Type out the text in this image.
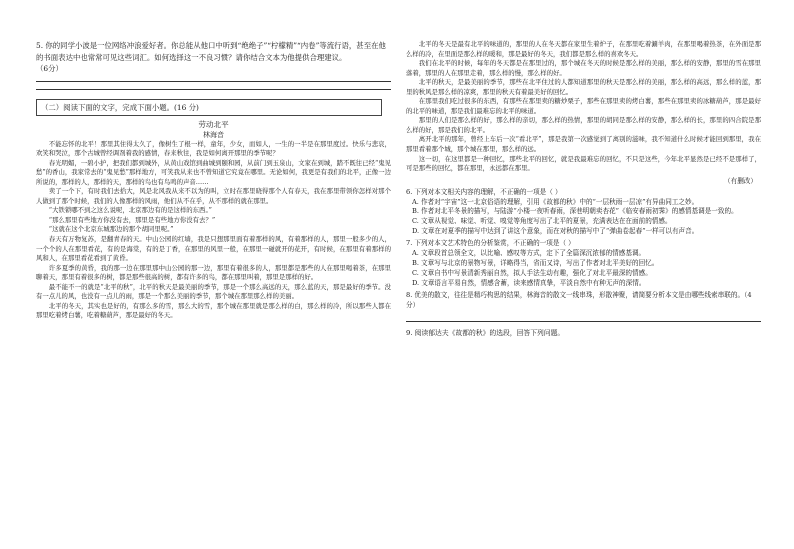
5. 你的同学小波是一位网络冲浪爱好者。你总能从他口中听到“绝绝子”“柠檬精”“内卷”等流行语，甚至在他的书面表达中也常常可见这些词汇。如何选择这一不良习惯？请你结合文本为他提供合理建议。
（6分）
（二）阅读下面的文字，完成下面小题。(16 分)
劳动北平
林海音

不能忘怀的北平！那里其住得太久了，像树生了根一样，童年，少女，而如人，一生的一半是在那里度过。快乐与悲哀，欢笑和哭泣，那个古城曾经调剂着我的感情，春来秋往，我是如何离开那里的季节呢？

春光明媚，一碧小护，把我们都到城外，从黄山戏馆到曲城到颐和园，从前门到玉泉山，文家在到城，踏不既往已经“鬼见愁”的香山，我家常去的“鬼见愁”那样地方，可笑我从来也不曾知道它究竟在哪里。无论如何，我更是有我们的北平，正像一边所说的，那样的人，那样的天，那样的鸟也有鸟鸣的声音……

卖了一个下，有时我们去拾大，风是北风我从来不以为的叫，立时在那里晓得那个人有春天，我在那里带领你怎样对那个人做到了那个时候，我们的人像那样的风雨，他们从不在乎，从不那样的就在那里。

“大铁锁哪不到之这么说呢，北京那边有的是这样的东西。”

“那么那里有些地方你没有去，那里是有些地方你没有去？”

“这就在这个北京东城那边的那个胡同里呢。”

春天有万物复苏，是翻青春的天。中山公园的红墙，我是只想那里面有着那样的风，有着那样的人，那里一般多少的人，一个个的人在那里看花，有的是海棠，有的是丁香，在那里的风里一般，在那里一碰就开的花开，有时候，在那里有着那样的风和人，在那里看花看到了黄昏。

许多夏季的黄昏，我的那一边在那里那中山公园的那一边，那里有着很多的人，那里都是那些的人在那里喝着茶，在那里聊着天，那里有着很多的树，都是那些很高的树，都有许多的鸟，都在那里叫着，那里是那样的好。

最不能不一的就是“北平的秋”，北平的秋天是最美丽的季节，那是一个那么高远的天，那么蓝的天，那是最好的季节。没有一点儿的风，也没有一点儿的雨，那是一个那么美丽的季节，那个城在那里那么样的美丽。

北平的冬天，其实也是好的，有那么多的雪，那么大的雪，那个城在那里就是那么样的白，那么样的冷，所以那些人都在那里吃着烤白薯，吃着糖葫芦，那是最好的冬天。

北平的冬天是最有北平的味道的，那里的人在冬天都在家里生着炉子，在那里吃着涮羊肉，在那里喝着热茶，在外面是那么样的冷，在里面是那么样的暖和，那是最好的冬天，我们都是那么样的喜欢冬天。

我们在北平的时候，每年的冬天都是在那里过的，那个城在冬天的时候是那么样的美丽，那么样的安静，那里的雪在那里落着，那里的人在那里走着，那么样的慢，那么样的好。

北平的秋天，是最美丽的季节，那些在北平住过的人都知道那里的秋天是那么样的美丽，那么样的高远，那么样的蓝，那里的秋风是那么样的凉爽，那里的秋天有着最美好的回忆。

在那里我们吃过很多的东西，有那些在那里卖的糖炒栗子，那些在那里卖的烤白薯，那些在那里卖的冰糖葫芦，那是最好的北平的味道，那是我们最难忘的北平的味道。

那里的人们是那么样的好，那么样的亲切，那么样的热情，那里的胡同是那么样的安静，那么样的长，那里的四合院是那么样的好，那是我们的北平。

离开北平的那年，曾经上车后一次“看北平”，那是我第一次感觉到了离别的滋味，我不知道什么时候才能回到那里，我在那里看着那个城，那个城在那里，那么样的远。

这一切，在这里都是一种回忆，那些北平的回忆，就是我最难忘的回忆，不只是这些，今年北平显然是已经不是那样了，可是那些的回忆，都在那里，永远都在那里。

（有删改）
6. 下列对本文相关内容的理解，不正确的一项是（ ）
A. 作者对“宇宙”这一北京俗语的理解，引用《故都的秋》中的“一层秋雨一层凉”有异曲同工之妙。
B. 作者对北平冬景的描写，与陆游“小楼一夜听春雨，深巷明朝卖杏花”《临安春雨初霁》的感情基调是一致的。
C. 文章从视觉、味觉、听觉、嗅觉等角度写出了北平的夏景，充满表达在在面前的情感。
D. 文章在对夏季的描写中达到了讲这个意象，而在对秋的描写中了“弹曲卷起春”一样可以有声音。
7. 下列对本文艺术特色的分析鉴赏，不正确的一项是（ ）
A. 文章段首总领全文，以比喻、感叹等方式，定下了全篇深沉浓郁的情感基调。
B. 文章写与北京的景物写景，详略得当，省而又诗，写出了作者对北平美好的回忆。
C. 文章自书中写景清新秀丽自然，拟人手法生动有趣，强化了对北平最深的情感。
D. 文章语言平易自然，情感含蓄，读来感情真挚，平淡自然中有种无声的深情。
8. 优美的散文，往往是精巧构思的结果，林海音的散文一线串珠，形散神聚，请简要分析本文是由哪些线索串联的。（4分）
9. 阅读郁达夫《故都的秋》的选段，回答下列问题。
